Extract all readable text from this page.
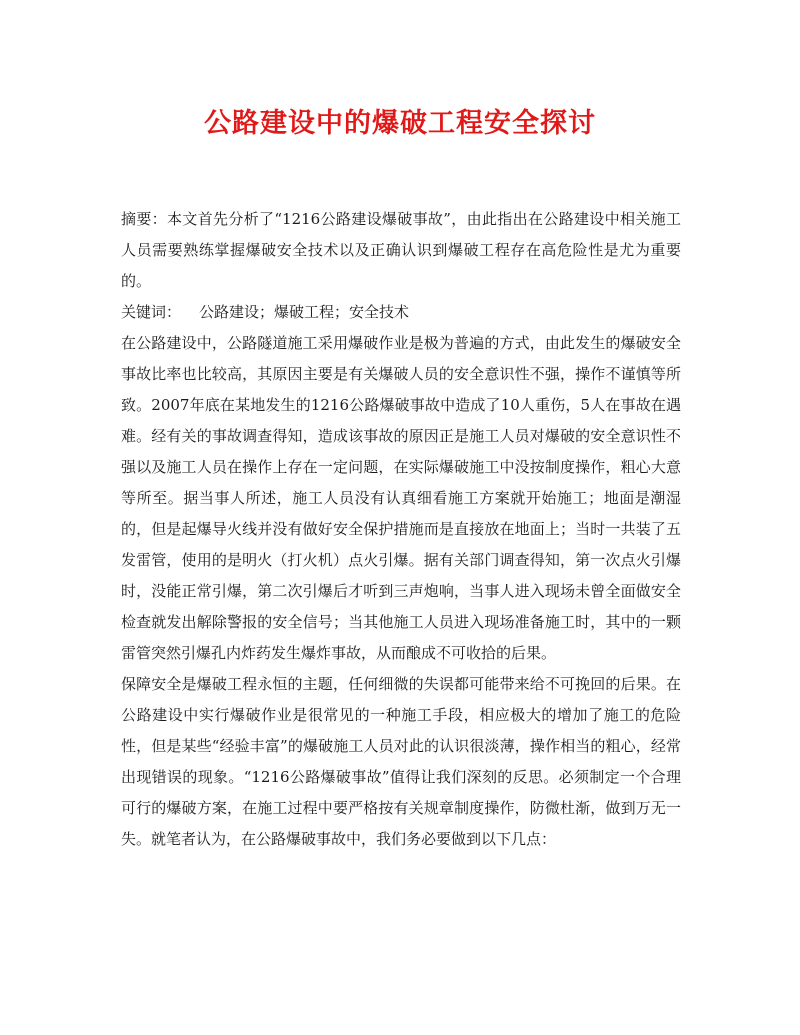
公路建设中的爆破工程安全探讨

摘要：本文首先分析了“1216公路建设爆破事故”，由此指出在公路建设中相关施工人员需要熟练掌握爆破安全技术以及正确认识到爆破工程存在高危险性是尤为重要的。

关键词： 公路建设；爆破工程；安全技术

在公路建设中，公路隧道施工采用爆破作业是极为普遍的方式，由此发生的爆破安全事故比率也比较高，其原因主要是有关爆破人员的安全意识性不强，操作不谨慎等所致。2007年底在某地发生的1216公路爆破事故中造成了10人重伤，5人在事故在遇难。经有关的事故调查得知，造成该事故的原因正是施工人员对爆破的安全意识性不强以及施工人员在操作上存在一定问题，在实际爆破施工中没按制度操作，粗心大意等所至。据当事人所述，施工人员没有认真细看施工方案就开始施工；地面是潮湿的，但是起爆导火线并没有做好安全保护措施而是直接放在地面上；当时一共装了五发雷管，使用的是明火（打火机）点火引爆。据有关部门调查得知，第一次点火引爆时，没能正常引爆，第二次引爆后才听到三声炮响，当事人进入现场未曾全面做安全检查就发出解除警报的安全信号；当其他施工人员进入现场准备施工时，其中的一颗雷管突然引爆孔内炸药发生爆炸事故，从而酿成不可收拾的后果。

保障安全是爆破工程永恒的主题，任何细微的失误都可能带来给不可挽回的后果。在公路建设中实行爆破作业是很常见的一种施工手段，相应极大的增加了施工的危险性，但是某些“经验丰富”的爆破施工人员对此的认识很淡薄，操作相当的粗心，经常出现错误的现象。“1216公路爆破事故”值得让我们深刻的反思。必须制定一个合理可行的爆破方案，在施工过程中要严格按有关规章制度操作，防微杜渐，做到万无一失。就笔者认为，在公路爆破事故中，我们务必要做到以下几点：
